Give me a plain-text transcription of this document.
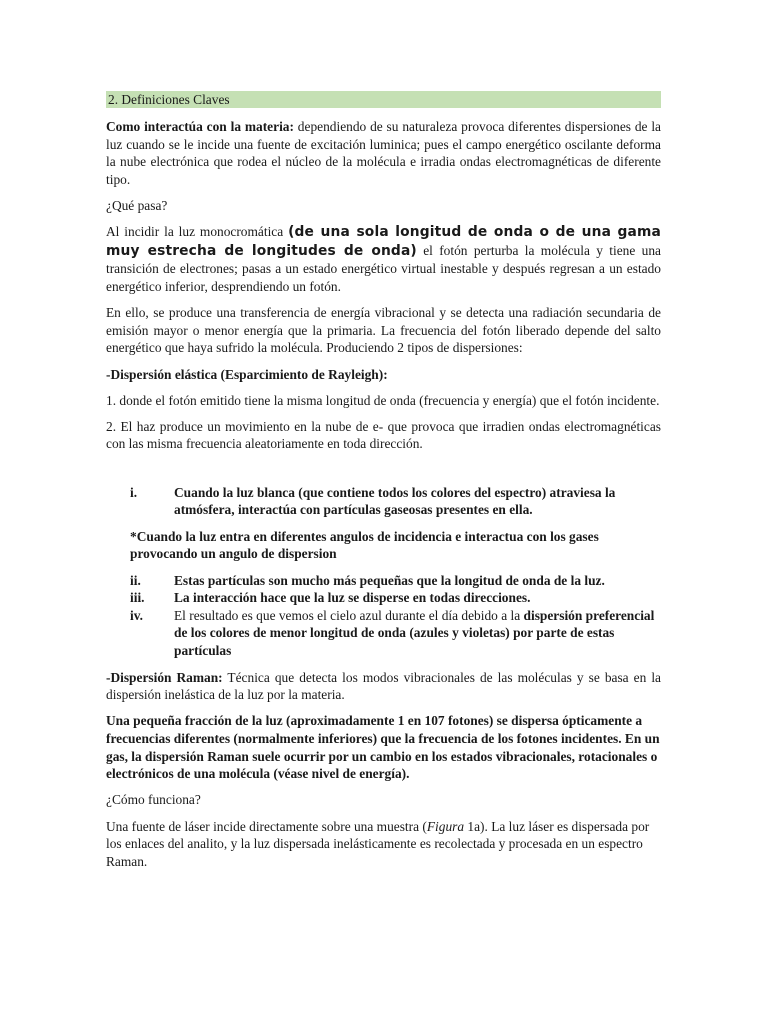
2. Definiciones Claves

Como interactúa con la materia: dependiendo de su naturaleza provoca diferentes dispersiones de la luz cuando se le incide una fuente de excitación luminica; pues el campo energético oscilante deforma la nube electrónica que rodea el núcleo de la molécula e irradia ondas electromagnéticas de diferente tipo.

¿Qué pasa?

Al incidir la luz monocromática (de una sola longitud de onda o de una gama muy estrecha de longitudes de onda) el fotón perturba la molécula y tiene una transición de electrones; pasas a un estado energético virtual inestable y después regresan a un estado energético inferior, desprendiendo un fotón.

En ello, se produce una transferencia de energía vibracional y se detecta una radiación secundaria de emisión mayor o menor energía que la primaria. La frecuencia del fotón liberado depende del salto energético que haya sufrido la molécula. Produciendo 2 tipos de dispersiones:

-Dispersión elástica (Esparcimiento de Rayleigh):

1. donde el fotón emitido tiene la misma longitud de onda (frecuencia y energía) que el fotón incidente.

2. El haz produce un movimiento en la nube de e- que provoca que irradien ondas electromagnéticas con las misma frecuencia aleatoriamente en toda dirección.

i.	Cuando la luz blanca (que contiene todos los colores del espectro) atraviesa la atmósfera, interactúa con partículas gaseosas presentes en ella.

*Cuando la luz entra en diferentes angulos de incidencia e interactua con los gases provocando un angulo de dispersion

ii.	Estas partículas son mucho más pequeñas que la longitud de onda de la luz.
iii.	La interacción hace que la luz se disperse en todas direcciones.
iv.	El resultado es que vemos el cielo azul durante el día debido a la dispersión preferencial de los colores de menor longitud de onda (azules y violetas) por parte de estas partículas

-Dispersión Raman: Técnica que detecta los modos vibracionales de las moléculas y se basa en la dispersión inelástica de la luz por la materia.

Una pequeña fracción de la luz (aproximadamente 1 en 107 fotones) se dispersa ópticamente a frecuencias diferentes (normalmente inferiores) que la frecuencia de los fotones incidentes. En un gas, la dispersión Raman suele ocurrir por un cambio en los estados vibracionales, rotacionales o electrónicos de una molécula (véase nivel de energía).

¿Cómo funciona?

Una fuente de láser incide directamente sobre una muestra (Figura 1a). La luz láser es dispersada por los enlaces del analito, y la luz dispersada inelásticamente es recolectada y procesada en un espectro Raman.
